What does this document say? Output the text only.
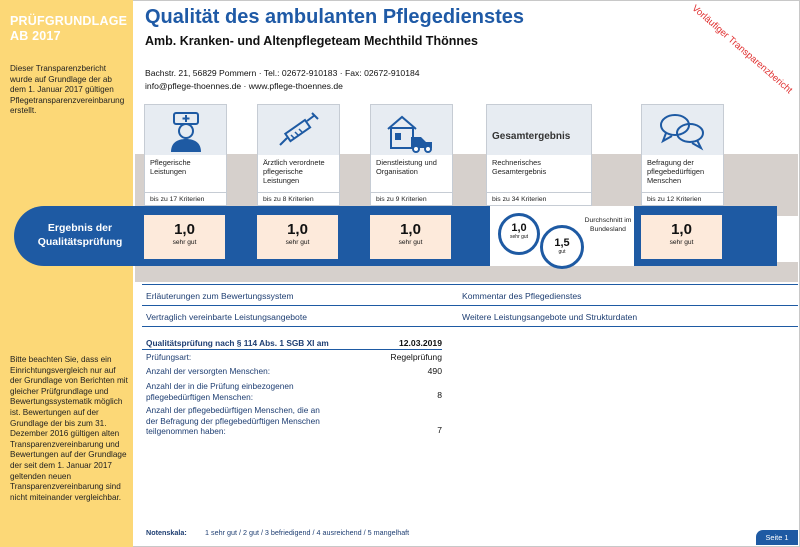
PRÜFGRUNDLAGE
AB 2017
Dieser Transparenzbericht wurde auf Grundlage der ab dem 1. Januar 2017 gültigen Pflegetransparenzvereinbarung erstellt.
Bitte beachten Sie, dass ein Einrichtungsvergleich nur auf der Grundlage von Berichten mit gleicher Prüfgrundlage und Bewertungssystematik möglich ist. Bewertungen auf der Grundlage der bis zum 31. Dezember 2016 gültigen alten Transparenzvereinbarung und Bewertungen auf der Grundlage der seit dem 1. Januar 2017 geltenden neuen Transparenzvereinbarung sind nicht miteinander vergleichbar.
Qualität des ambulanten Pflegedienstes
Amb. Kranken- und Altenpflegeteam Mechthild Thönnes
Bachstr. 21, 56829 Pommern · Tel.: 02672-910183 · Fax: 02672-910184
info@pflege-thoennes.de · www.pflege-thoennes.de	Vorläufiger Transparenzbericht
Pflegerische Leistungen
bis zu 17 Kriterien
Ärztlich verordnete pflegerische Leistungen
bis zu 8 Kriterien
Dienstleistung und Organisation
bis zu 9 Kriterien
Gesamtergebnis
Rechnerisches Gesamtergebnis
bis zu 34 Kriterien
Befragung der pflegebedürftigen Menschen
bis zu 12 Kriterien
Ergebnis der
Qualitätsprüfung
1,0
sehr gut
1,0
sehr gut
1,0
sehr gut
1,0
sehr gut
1,0
sehr gut	1,5
gut
Durchschnitt im Bundesland
Erläuterungen zum Bewertungssystem	Kommentar des Pflegedienstes
Vertraglich vereinbarte Leistungsangebote	Weitere Leistungsangebote und Strukturdaten
Qualitätsprüfung nach § 114 Abs. 1 SGB XI am	12.03.2019
Prüfungsart:	Regelprüfung
Anzahl der versorgten Menschen:	490
Anzahl der in die Prüfung einbezogenen
pflegebedürftigen Menschen:	8
Anzahl der pflegebedürftigen Menschen, die an
der Befragung der pflegebedürftigen Menschen
teilgenommen haben:	7
Notenskala:	1 sehr gut / 2 gut / 3 befriedigend / 4 ausreichend / 5 mangelhaft
Seite 1
